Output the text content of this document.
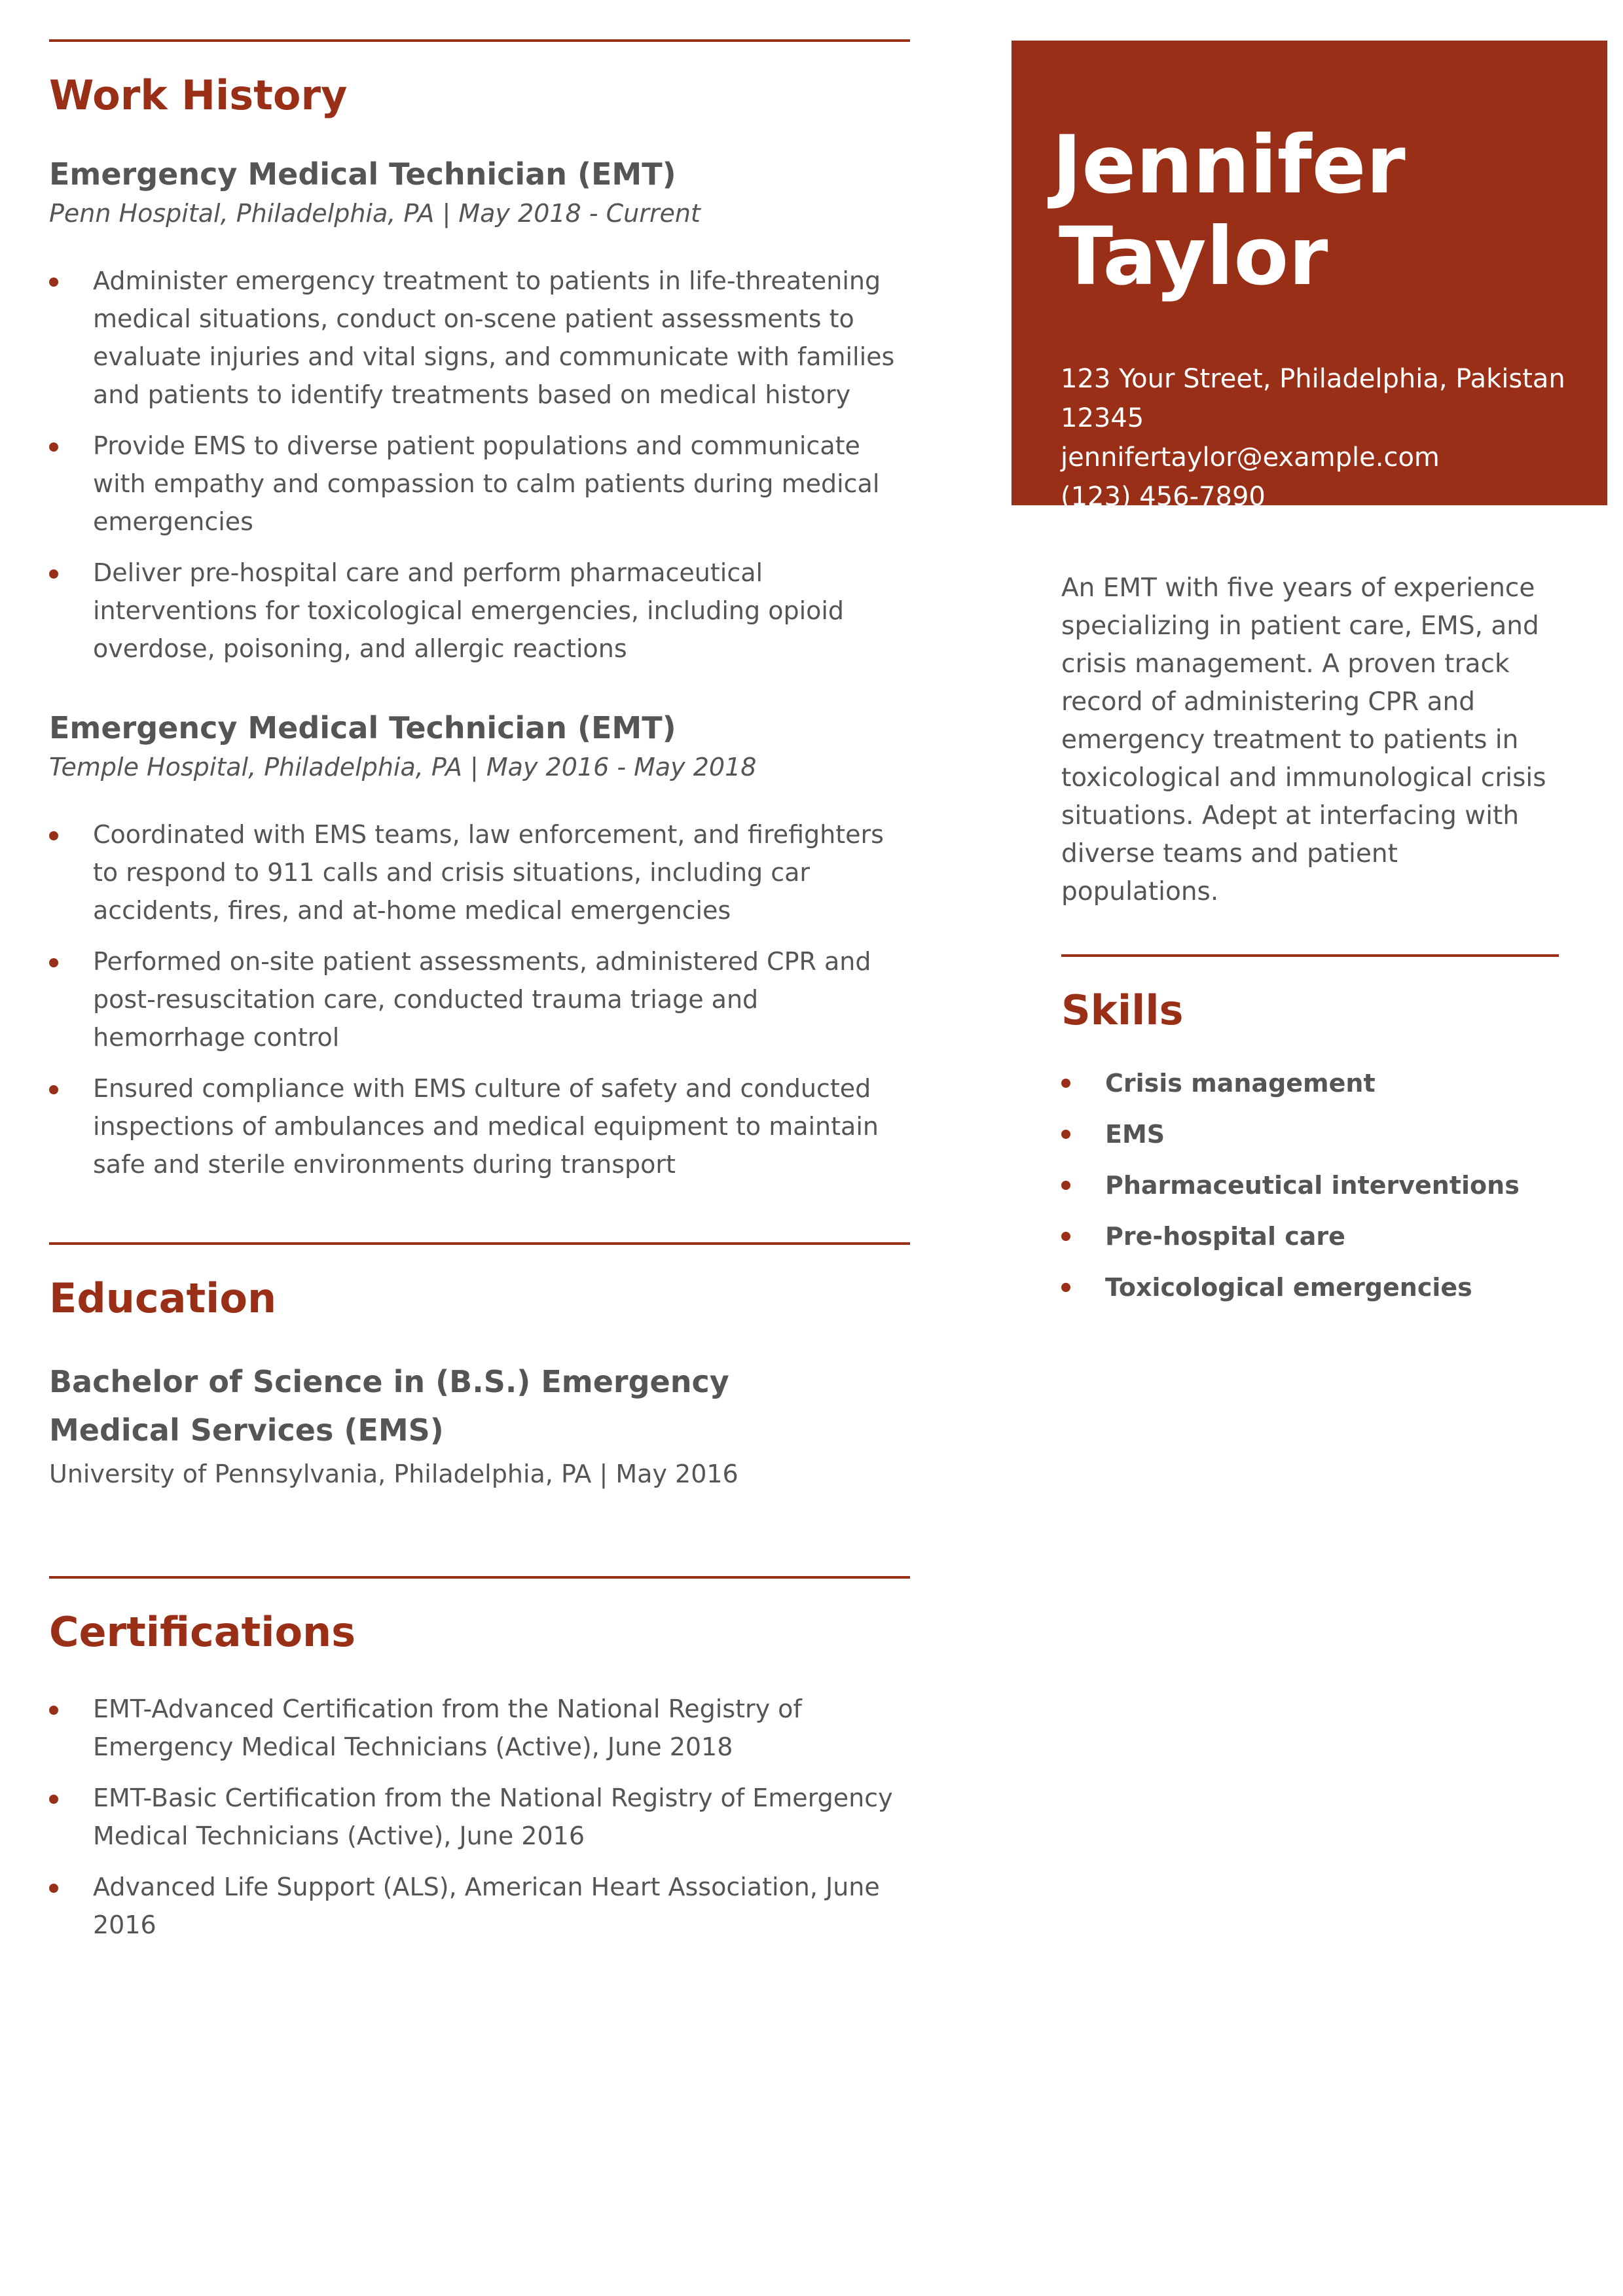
Work History
Emergency Medical Technician (EMT)

Penn Hospital, Philadelphia, PA | May 2018 - Current

Administer emergency treatment to patients in life-threatening medical situations, conduct on-scene patient assessments to evaluate injuries and vital signs, and communicate with families and patients to identify treatments based on medical history
Provide EMS to diverse patient populations and communicate with empathy and compassion to calm patients during medical emergencies
Deliver pre-hospital care and perform pharmaceutical interventions for toxicological emergencies, including opioid overdose, poisoning, and allergic reactions
Emergency Medical Technician (EMT)

Temple Hospital, Philadelphia, PA | May 2016 - May 2018

Coordinated with EMS teams, law enforcement, and firefighters to respond to 911 calls and crisis situations, including car accidents, fires, and at-home medical emergencies
Performed on-site patient assessments, administered CPR and post-resuscitation care, conducted trauma triage and hemorrhage control
Ensured compliance with EMS culture of safety and conducted inspections of ambulances and medical equipment to maintain safe and sterile environments during transport
Education
Bachelor of Science in (B.S.) Emergency Medical Services (EMS)

University of Pennsylvania, Philadelphia, PA | May 2016

Certifications
EMT-Advanced Certification from the National Registry of Emergency Medical Technicians (Active), June 2018
EMT-Basic Certification from the National Registry of Emergency Medical Technicians (Active), June 2016
Advanced Life Support (ALS), American Heart Association, June 2016
Jennifer
Taylor
123 Your Street, Philadelphia, Pakistan
12345
jennifertaylor@example.com
(123) 456-7890

An EMT with five years of experience specializing in patient care, EMS, and crisis management. A proven track record of administering CPR and emergency treatment to patients in toxicological and immunological crisis situations. Adept at interfacing with diverse teams and patient populations.

Skills
Crisis management
EMS
Pharmaceutical interventions
Pre-hospital care
Toxicological emergencies
